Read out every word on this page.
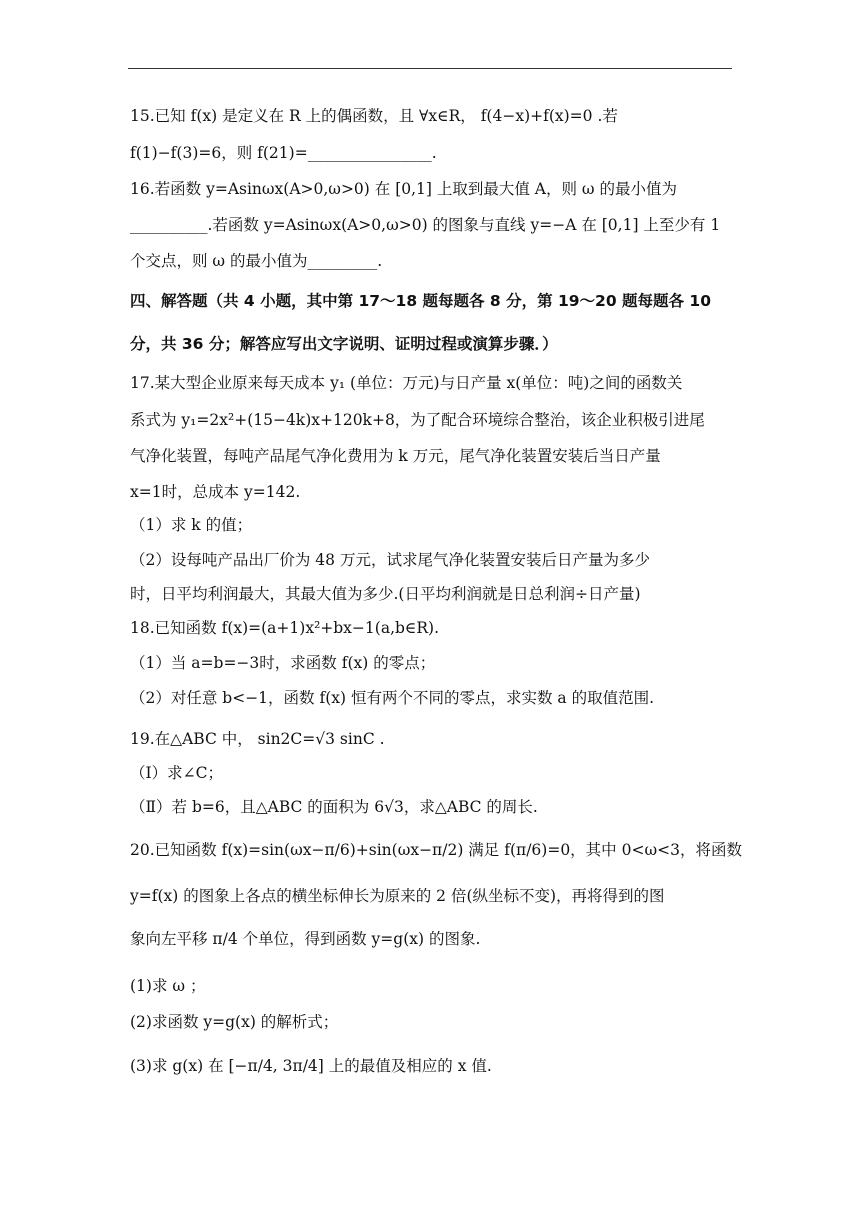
15.已知 f(x) 是定义在 R 上的偶函数，且 ∀x∈R， f(4−x)+f(x)=0 .若
f(1)−f(3)=6，则 f(21)=________________.
16.若函数 y=Asinωx(A>0,ω>0) 在 [0,1] 上取到最大值 A，则 ω 的最小值为
__________.若函数 y=Asinωx(A>0,ω>0) 的图象与直线 y=−A 在 [0,1] 上至少有 1
个交点，则 ω 的最小值为_________.
四、解答题（共 4 小题，其中第 17～18 题每题各 8 分，第 19～20 题每题各 10
分，共 36 分；解答应写出文字说明、证明过程或演算步骤．）
17.某大型企业原来每天成本 y₁ (单位：万元)与日产量 x(单位：吨)之间的函数关
系式为 y₁=2x²+(15−4k)x+120k+8，为了配合环境综合整治，该企业积极引进尾
气净化装置，每吨产品尾气净化费用为 k 万元，尾气净化装置安装后当日产量
x=1时，总成本 y=142.
（1）求 k 的值；
（2）设每吨产品出厂价为 48 万元，试求尾气净化装置安装后日产量为多少
时，日平均利润最大，其最大值为多少.(日平均利润就是日总利润÷日产量)
18.已知函数 f(x)=(a+1)x²+bx−1(a,b∈R).
（1）当 a=b=−3时，求函数 f(x) 的零点；
（2）对任意 b<−1，函数 f(x) 恒有两个不同的零点，求实数 a 的取值范围.
19.在△ABC 中， sin2C=√3 sinC .
（Ⅰ）求∠C；
（Ⅱ）若 b=6，且△ABC 的面积为 6√3，求△ABC 的周长.
20.已知函数 f(x)=sin(ωx−π/6)+sin(ωx−π/2) 满足 f(π/6)=0，其中 0<ω<3，将函数
y=f(x) 的图象上各点的横坐标伸长为原来的 2 倍(纵坐标不变)，再将得到的图
象向左平移 π/4 个单位，得到函数 y=g(x) 的图象.
(1)求 ω ；
(2)求函数 y=g(x) 的解析式；
(3)求 g(x) 在 [−π/4, 3π/4] 上的最值及相应的 x 值.
